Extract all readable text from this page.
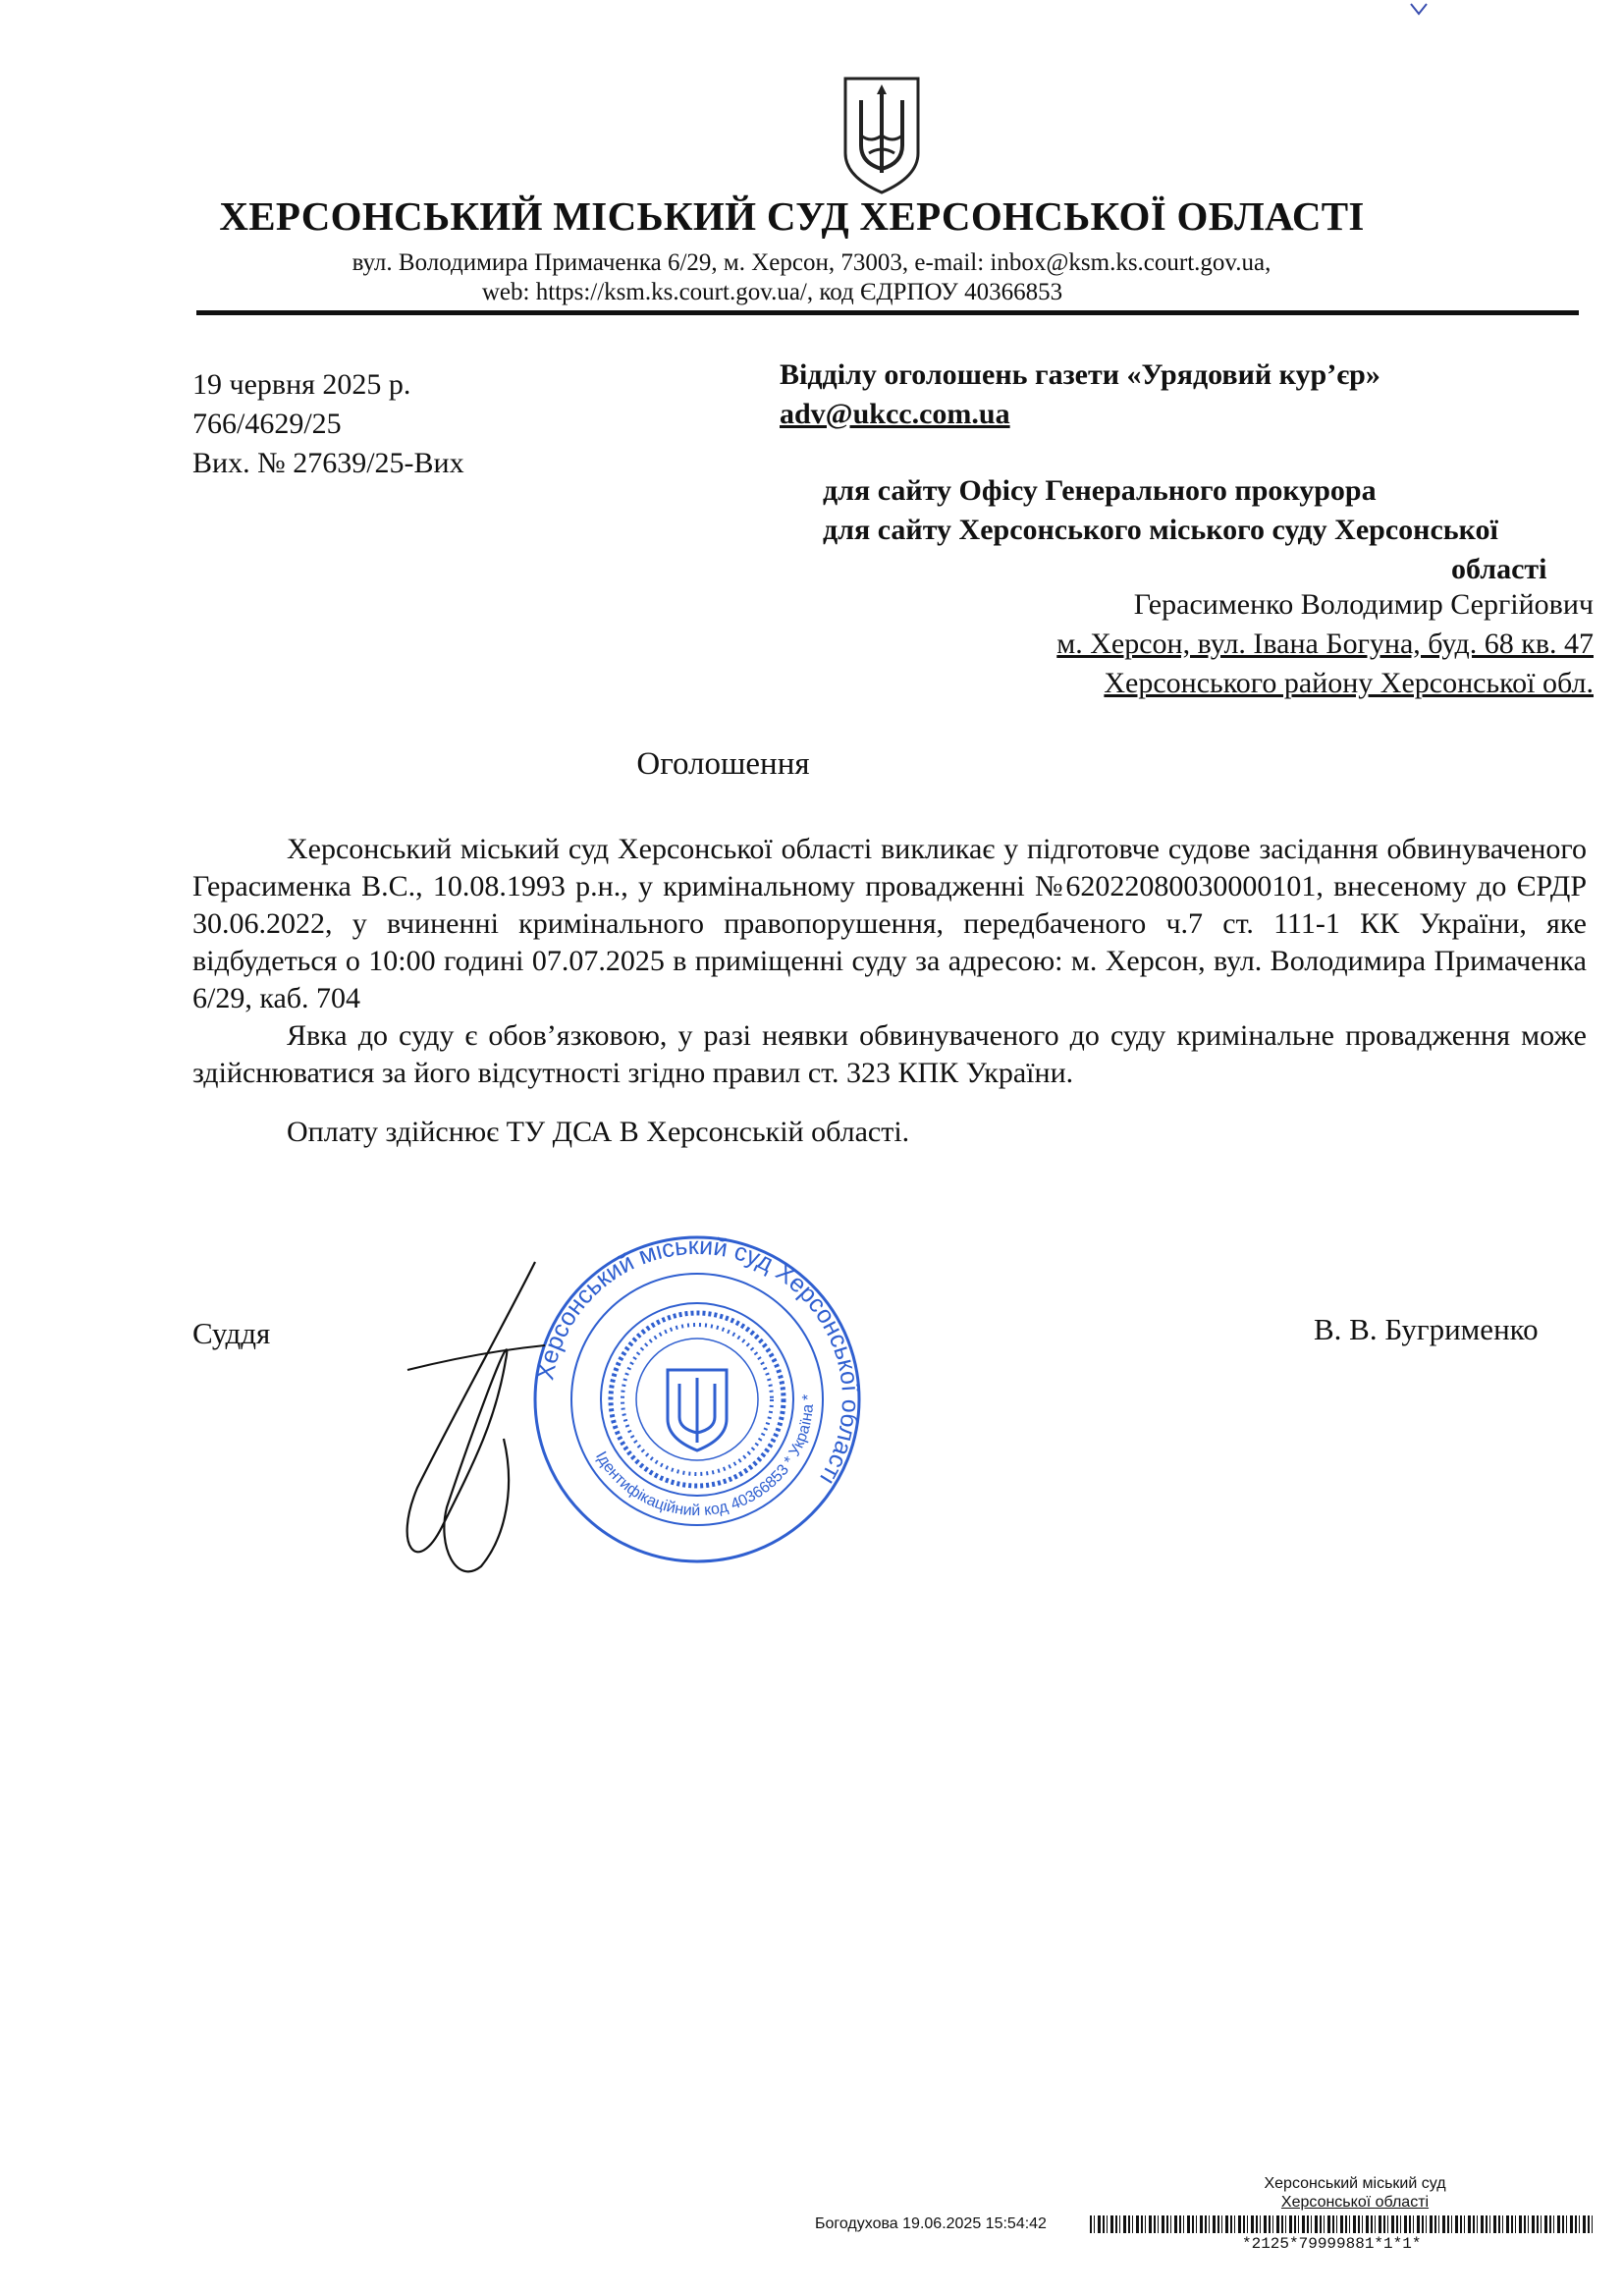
ХЕРСОНСЬКИЙ МІСЬКИЙ СУД ХЕРСОНСЬКОЇ ОБЛАСТІ
вул. Володимира Примаченка 6/29, м. Херсон, 73003, e-mail: inbox@ksm.ks.court.gov.ua,
web: https://ksm.ks.court.gov.ua/, код ЄДРПОУ 40366853
19 червня 2025 р.
766/4629/25
Вих. № 27639/25-Вих
Відділу оголошень газети «Урядовий кур’єр»
adv@ukcc.com.ua
для сайту Офісу Генерального прокурора
для сайту Херсонського міського суду Херсонської
області
Герасименко Володимир Сергійович
м. Херсон, вул. Івана Богуна, буд. 68 кв. 47
Херсонського району Херсонської обл.
Оголошення

Херсонський міський суд Херсонської області викликає у підготовче судове засідання обвинуваченого Герасименка В.С., 10.08.1993 р.н., у кримінальному провадженні №62022080030000101, внесеному до ЄРДР 30.06.2022, у вчиненні кримінального правопорушення, передбаченого ч.7 ст. 111-1 КК України, яке відбудеться о 10:00 годині 07.07.2025 в приміщенні суду за адресою: м. Херсон, вул. Володимира Примаченка 6/29, каб. 704

Явка до суду є обов’язковою, у разі неявки обвинуваченого до суду кримінальне провадження може здійснюватися за його відсутності згідно правил ст. 323 КПК України.

Оплату здійснює ТУ ДСА В Херсонській області.

Херсонський міський суд Херсонської області
Ідентифікаційний код 40366853 * Україна *
Суддя	В. В. Бугрименко
Херсонський міський суд
Херсонської області
Богодухова 19.06.2025 15:54:42
*2125*79999881*1*1*
